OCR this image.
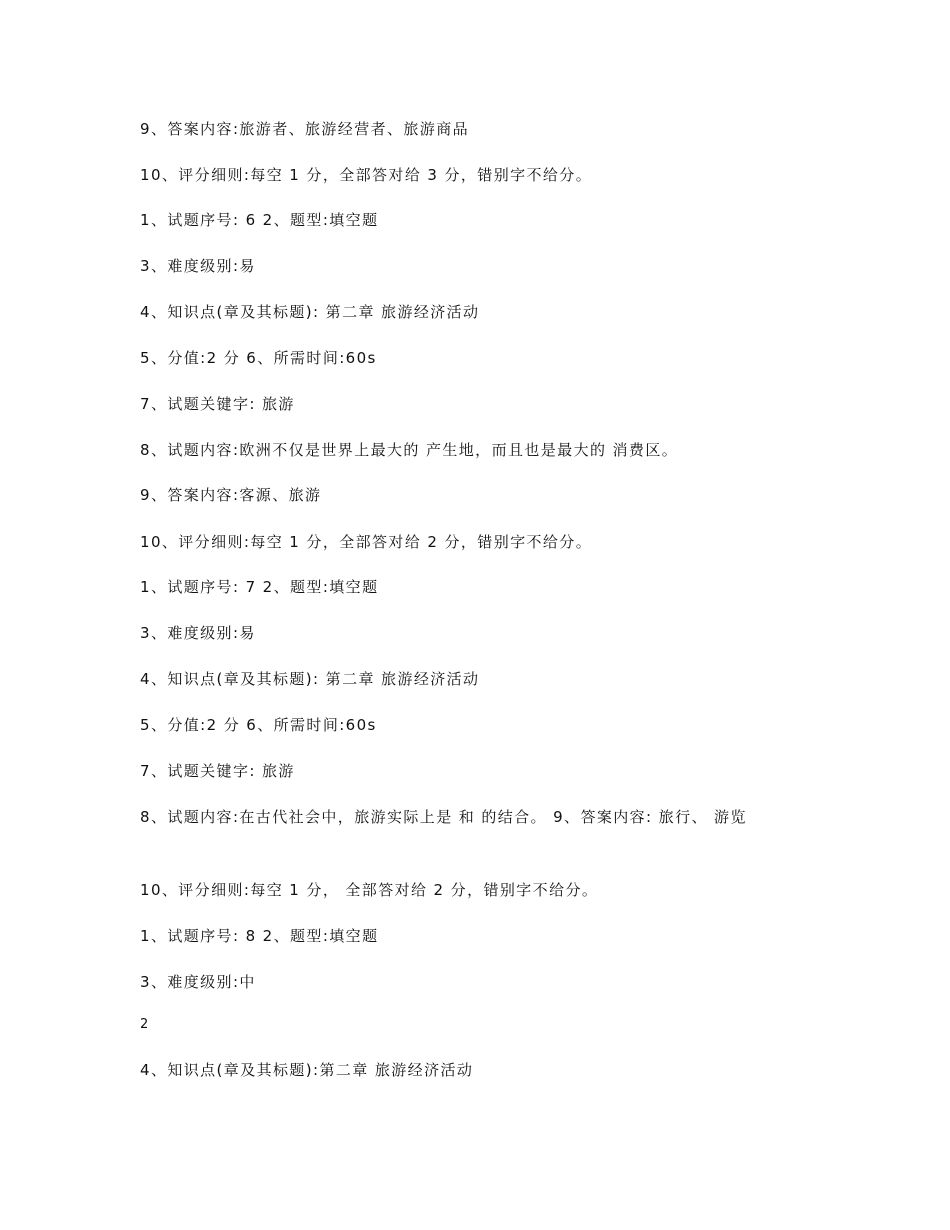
9、答案内容:旅游者、旅游经营者、旅游商品
10、评分细则:每空 1 分，全部答对给 3 分，错别字不给分。
1、试题序号: 6 2、题型:填空题
3、难度级别:易
4、知识点(章及其标题): 第二章 旅游经济活动
5、分值:2 分 6、所需时间:60s
7、试题关键字: 旅游
8、试题内容:欧洲不仅是世界上最大的 产生地，而且也是最大的 消费区。
9、答案内容:客源、旅游
10、评分细则:每空 1 分，全部答对给 2 分，错别字不给分。
1、试题序号: 7 2、题型:填空题
3、难度级别:易
4、知识点(章及其标题): 第二章 旅游经济活动
5、分值:2 分 6、所需时间:60s
7、试题关键字: 旅游
8、试题内容:在古代社会中，旅游实际上是 和 的结合。 9、答案内容: 旅行、 游览
10、评分细则:每空 1 分， 全部答对给 2 分，错别字不给分。
1、试题序号: 8 2、题型:填空题
3、难度级别:中
2
4、知识点(章及其标题):第二章 旅游经济活动
